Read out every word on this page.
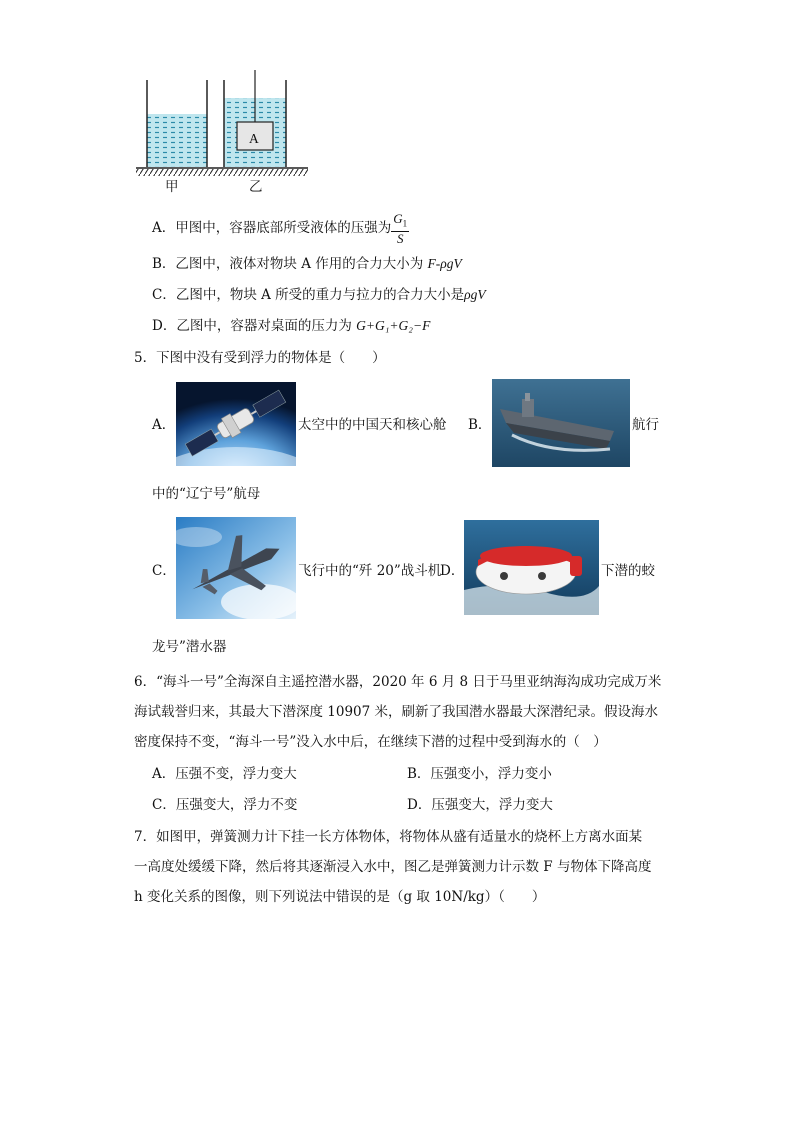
A
甲	乙
A．甲图中，容器底部所受液体的压强为 $\frac{G_1}{S}$
B．乙图中，液体对物块 A 作用的合力大小为 F-ρgV
C．乙图中，物块 A 所受的重力与拉力的合力大小是ρgV
D．乙图中，容器对桌面的压力为 G+G₁+G₂−F
5．下图中没有受到浮力的物体是（　　）
A．	太空中的中国天和核心舱 B．	航行
中的“辽宁号”航母
C．	飞行中的“歼 20”战斗机
D．	下潜的蛟
龙号”潜水器
6．“海斗一号”全海深自主遥控潜水器，2020 年 6 月 8 日于马里亚纳海沟成功完成万米
海试载誉归来，其最大下潜深度 10907 米，刷新了我国潜水器最大深潜纪录。假设海水
密度保持不变，“海斗一号”没入水中后，在继续下潜的过程中受到海水的（　）
A．压强不变，浮力变大	B．压强变小，浮力变小
C．压强变大，浮力不变	D．压强变大，浮力变大
7．如图甲，弹簧测力计下挂一长方体物体，将物体从盛有适量水的烧杯上方离水面某
一高度处缓缓下降，然后将其逐渐浸入水中，图乙是弹簧测力计示数 F 与物体下降高度
h 变化关系的图像，则下列说法中错误的是（g 取 10N/kg）（　　）
